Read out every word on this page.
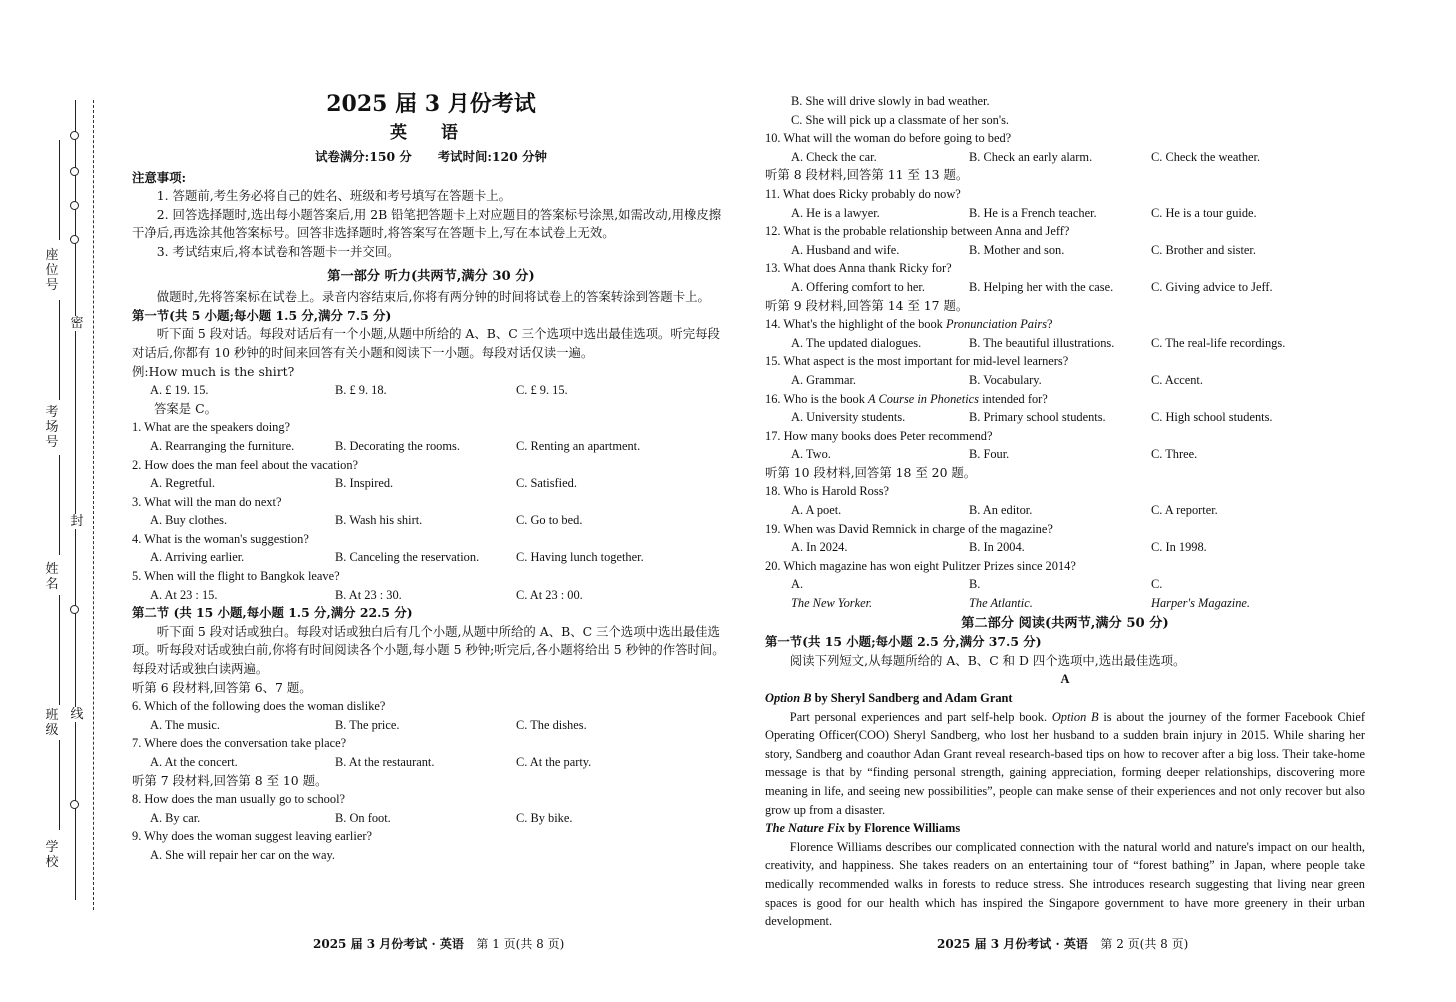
座位号
考场号
姓名
班级
学校
密
封
线
2025 届 3 月份考试
英 语

试卷满分:150 分 考试时间:120 分钟

注意事项:

1. 答题前,考生务必将自己的姓名、班级和考号填写在答题卡上。

2. 回答选择题时,选出每小题答案后,用 2B 铅笔把答题卡上对应题目的答案标号涂黑,如需改动,用橡皮擦干净后,再选涂其他答案标号。回答非选择题时,将答案写在答题卡上,写在本试卷上无效。

3. 考试结束后,将本试卷和答题卡一并交回。

第一部分 听力(共两节,满分 30 分)

做题时,先将答案标在试卷上。录音内容结束后,你将有两分钟的时间将试卷上的答案转涂到答题卡上。

第一节(共 5 小题;每小题 1.5 分,满分 7.5 分)

听下面 5 段对话。每段对话后有一个小题,从题中所给的 A、B、C 三个选项中选出最佳选项。听完每段对话后,你都有 10 秒钟的时间来回答有关小题和阅读下一小题。每段对话仅读一遍。

例:How much is the shirt?

A. £ 19. 15.	B. £ 9. 18.	C. £ 9. 15.

答案是 C。

1. What are the speakers doing?

A. Rearranging the furniture.	B. Decorating the rooms.	C. Renting an apartment.

2. How does the man feel about the vacation?

A. Regretful.	B. Inspired.	C. Satisfied.

3. What will the man do next?

A. Buy clothes.	B. Wash his shirt.	C. Go to bed.

4. What is the woman's suggestion?

A. Arriving earlier.	B. Canceling the reservation.	C. Having lunch together.

5. When will the flight to Bangkok leave?

A. At 23 : 15.	B. At 23 : 30.	C. At 23 : 00.

第二节 (共 15 小题,每小题 1.5 分,满分 22.5 分)

听下面 5 段对话或独白。每段对话或独白后有几个小题,从题中所给的 A、B、C 三个选项中选出最佳选项。听每段对话或独白前,你将有时间阅读各个小题,每小题 5 秒钟;听完后,各小题将给出 5 秒钟的作答时间。每段对话或独白读两遍。

听第 6 段材料,回答第 6、7 题。

6. Which of the following does the woman dislike?

A. The music.	B. The price.	C. The dishes.

7. Where does the conversation take place?

A. At the concert.	B. At the restaurant.	C. At the party.

听第 7 段材料,回答第 8 至 10 题。

8. How does the man usually go to school?

A. By car.	B. On foot.	C. By bike.

9. Why does the woman suggest leaving earlier?

A. She will repair her car on the way.

2025 届 3 月份考试 · 英语 第 1 页(共 8 页)

B. She will drive slowly in bad weather.

C. She will pick up a classmate of her son's.

10. What will the woman do before going to bed?

A. Check the car.	B. Check an early alarm.	C. Check the weather.

听第 8 段材料,回答第 11 至 13 题。

11. What does Ricky probably do now?

A. He is a lawyer.	B. He is a French teacher.	C. He is a tour guide.

12. What is the probable relationship between Anna and Jeff?

A. Husband and wife.	B. Mother and son.	C. Brother and sister.

13. What does Anna thank Ricky for?

A. Offering comfort to her.	B. Helping her with the case.	C. Giving advice to Jeff.

听第 9 段材料,回答第 14 至 17 题。

14. What's the highlight of the book Pronunciation Pairs?

A. The updated dialogues.	B. The beautiful illustrations.	C. The real-life recordings.

15. What aspect is the most important for mid-level learners?

A. Grammar.	B. Vocabulary.	C. Accent.

16. Who is the book A Course in Phonetics intended for?

A. University students.	B. Primary school students.	C. High school students.

17. How many books does Peter recommend?

A. Two.	B. Four.	C. Three.

听第 10 段材料,回答第 18 至 20 题。

18. Who is Harold Ross?

A. A poet.	B. An editor.	C. A reporter.

19. When was David Remnick in charge of the magazine?

A. In 2024.	B. In 2004.	C. In 1998.

20. Which magazine has won eight Pulitzer Prizes since 2014?

A.
The New Yorker.
B.
The Atlantic.
C.
Harper's Magazine.

第二部分 阅读(共两节,满分 50 分)

第一节(共 15 小题;每小题 2.5 分,满分 37.5 分)

阅读下列短文,从每题所给的 A、B、C 和 D 四个选项中,选出最佳选项。

A

Option B by Sheryl Sandberg and Adam Grant

Part personal experiences and part self-help book. Option B is about the journey of the former Facebook Chief Operating Officer(COO) Sheryl Sandberg, who lost her husband to a sudden brain injury in 2015. While sharing her story, Sandberg and coauthor Adan Grant reveal research-based tips on how to recover after a big loss. Their take-home message is that by “finding personal strength, gaining appreciation, forming deeper relationships, discovering more meaning in life, and seeing new possibilities”, people can make sense of their experiences and not only recover but also grow up from a disaster.

The Nature Fix by Florence Williams

Florence Williams describes our complicated connection with the natural world and nature's impact on our health, creativity, and happiness. She takes readers on an entertaining tour of “forest bathing” in Japan, where people take medically recommended walks in forests to reduce stress. She introduces research suggesting that living near green spaces is good for our health which has inspired the Singapore government to have more greenery in their urban development.

2025 届 3 月份考试 · 英语 第 2 页(共 8 页)
